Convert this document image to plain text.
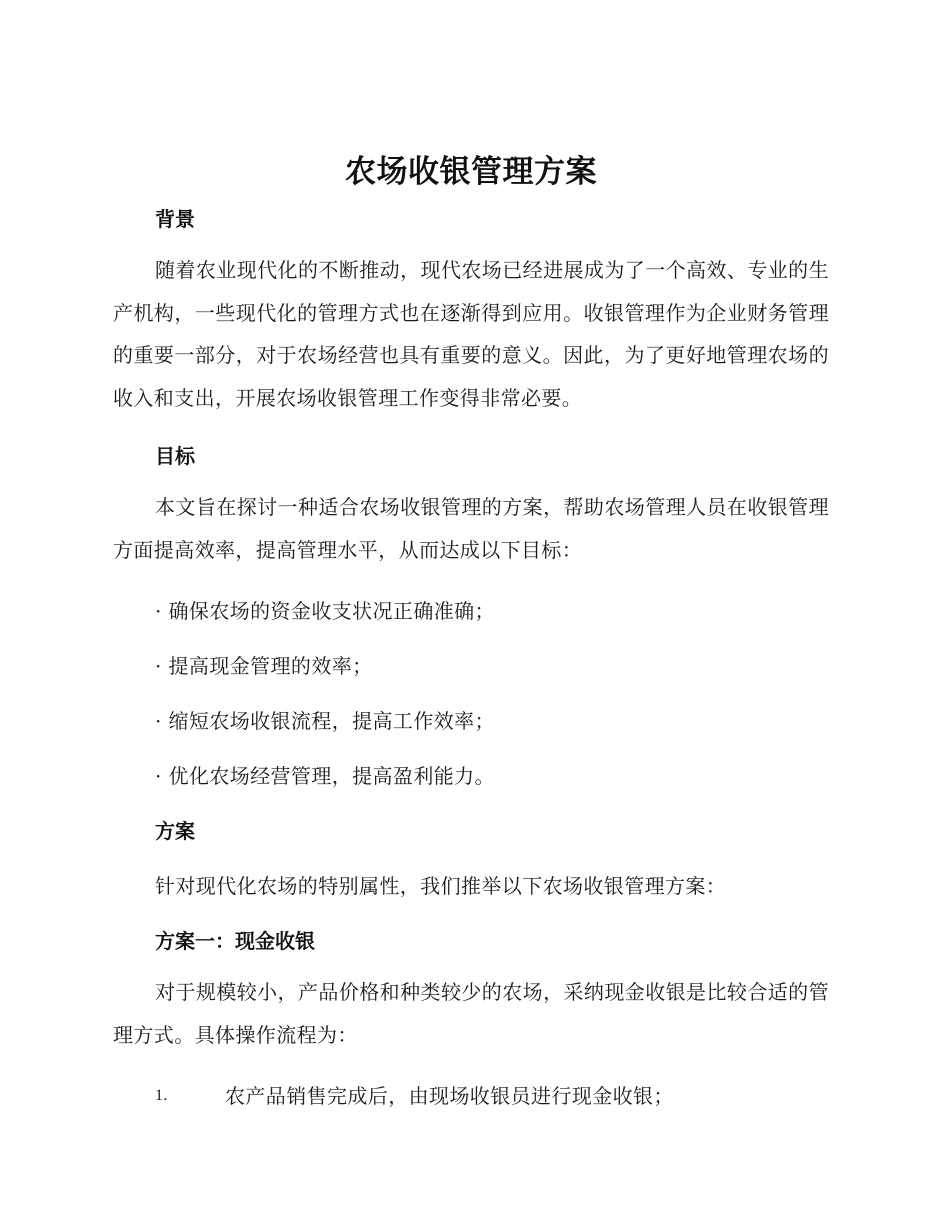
农场收银管理方案
背景

随着农业现代化的不断推动，现代农场已经进展成为了一个高效、专业的生产机构，一些现代化的管理方式也在逐渐得到应用。收银管理作为企业财务管理的重要一部分，对于农场经营也具有重要的意义。因此，为了更好地管理农场的收入和支出，开展农场收银管理工作变得非常必要。

目标

本文旨在探讨一种适合农场收银管理的方案，帮助农场管理人员在收银管理方面提高效率，提高管理水平，从而达成以下目标：

· 确保农场的资金收支状况正确准确；

· 提高现金管理的效率；

· 缩短农场收银流程，提高工作效率；

· 优化农场经营管理，提高盈利能力。

方案

针对现代化农场的特别属性，我们推举以下农场收银管理方案：

方案一：现金收银

对于规模较小，产品价格和种类较少的农场，采纳现金收银是比较合适的管理方式。具体操作流程为：

1.	农产品销售完成后，由现场收银员进行现金收银；
